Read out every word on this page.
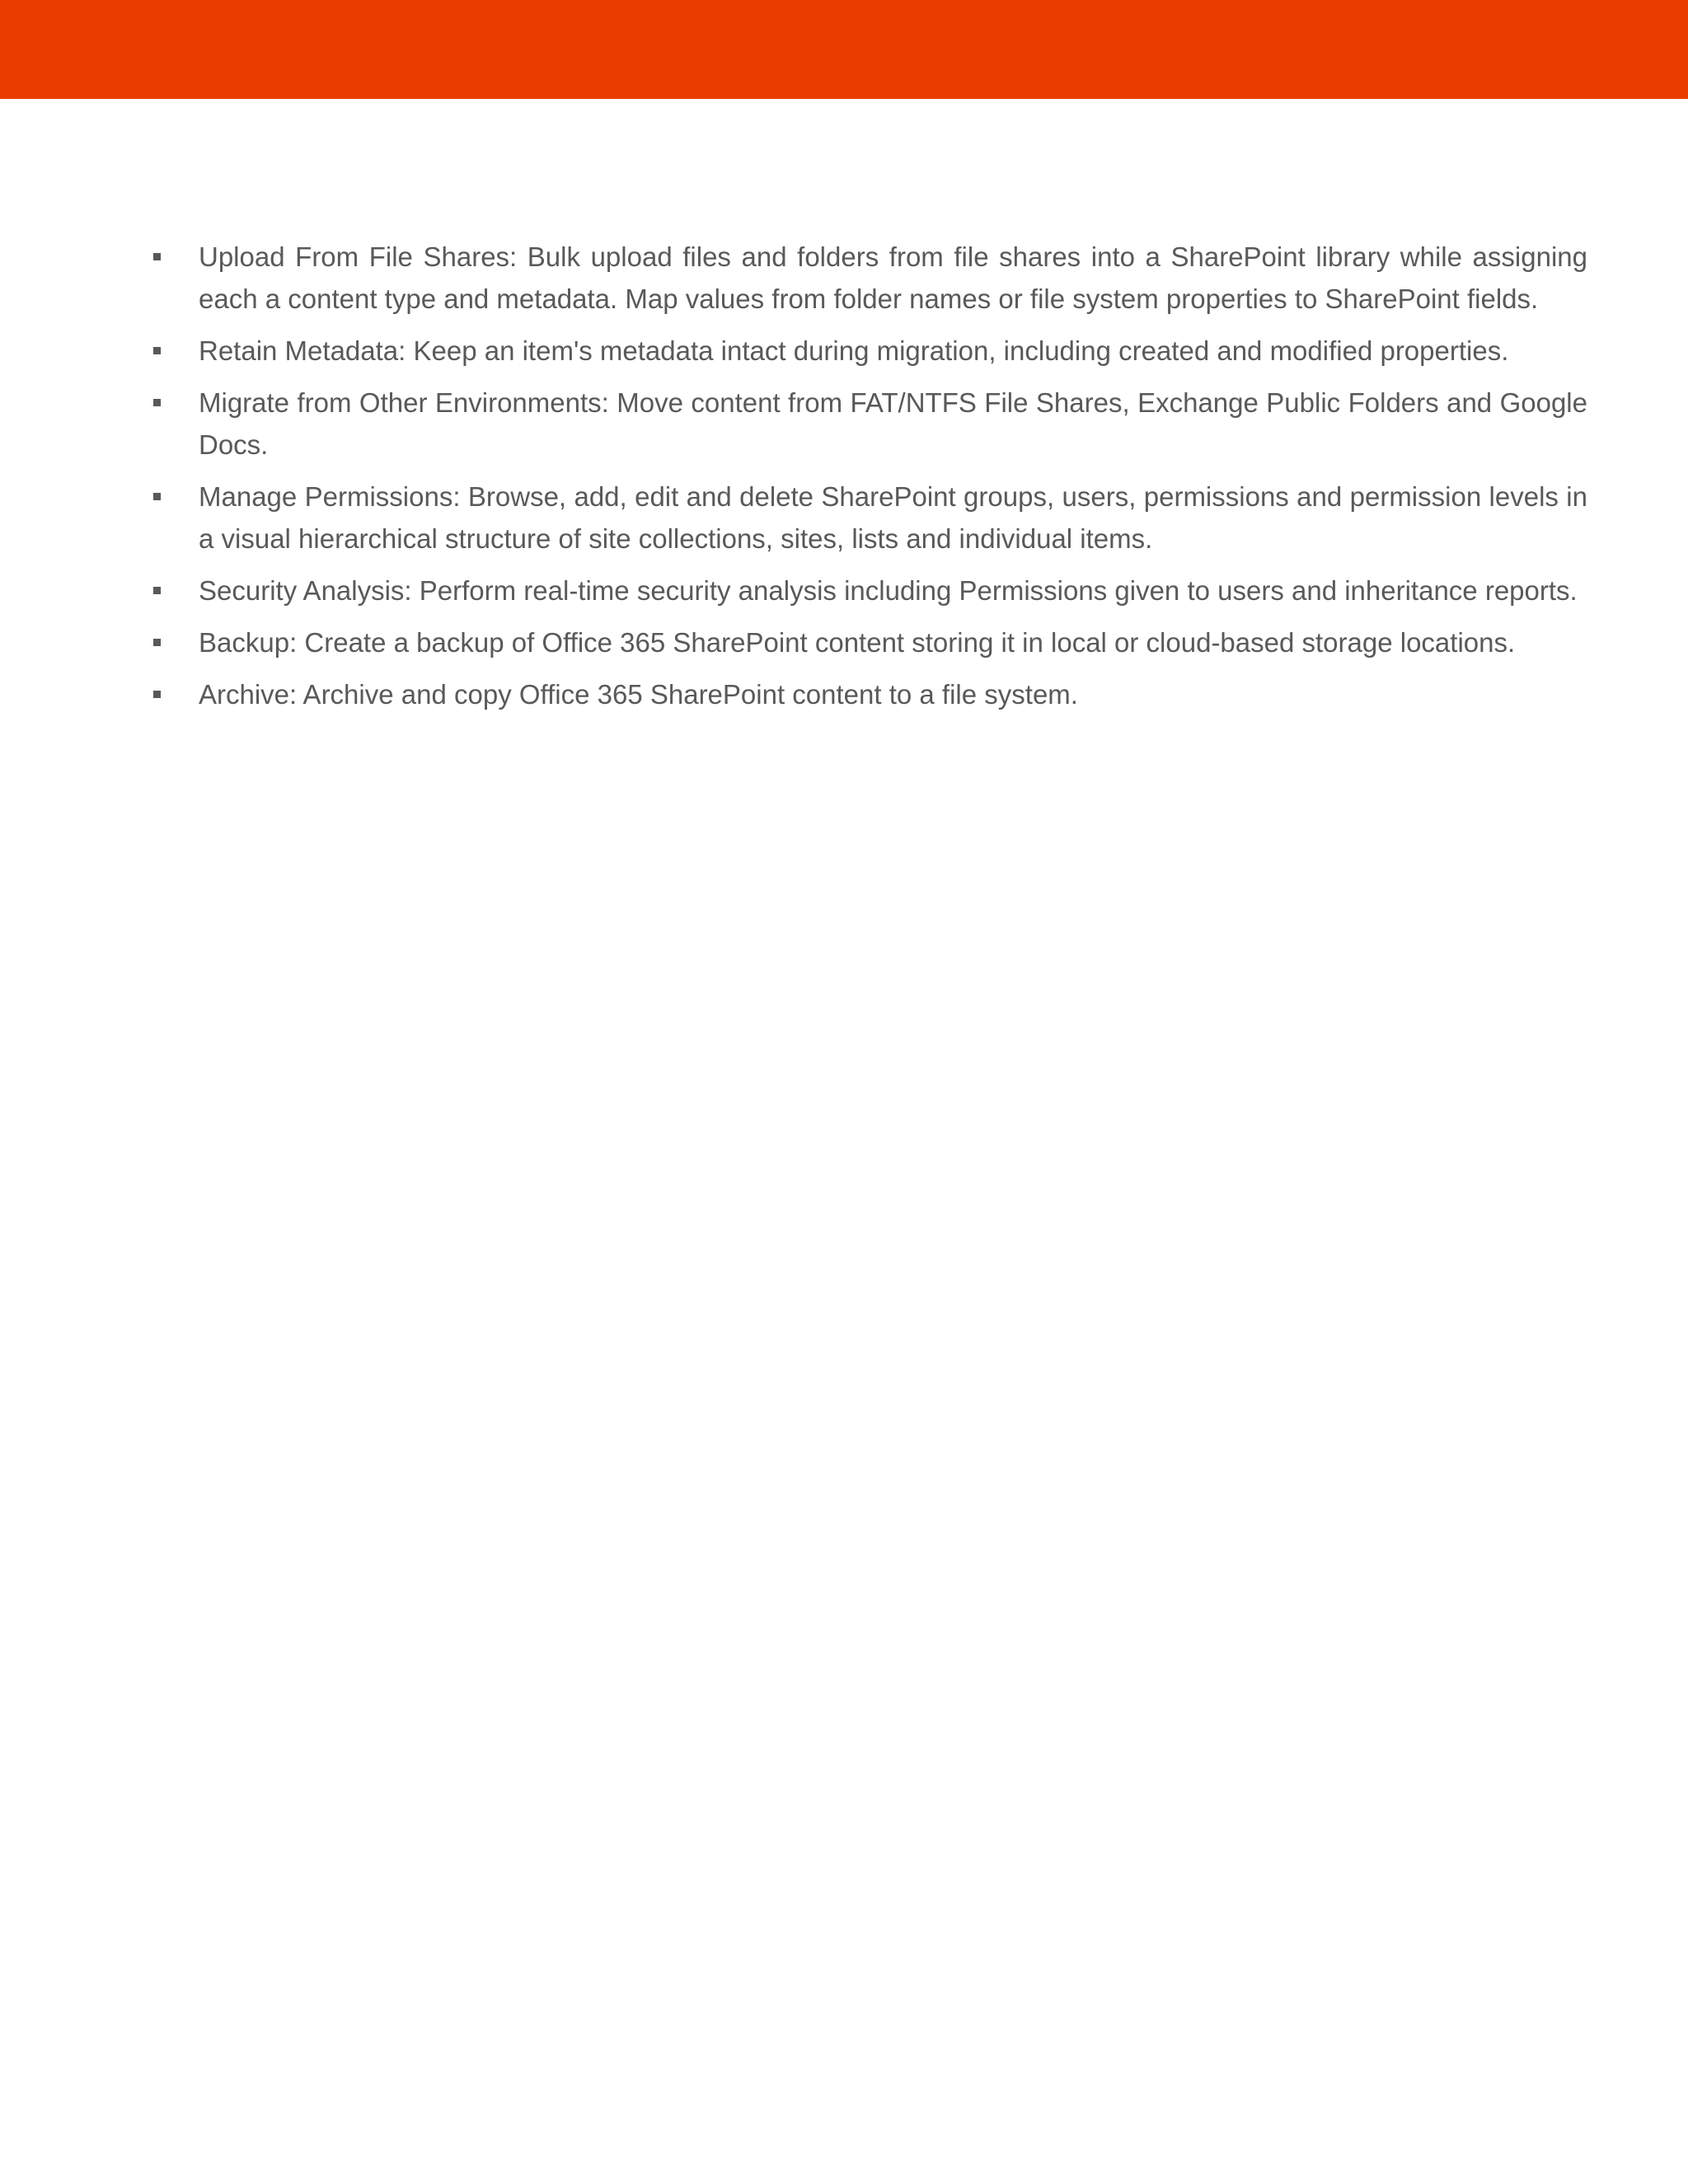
Upload From File Shares: Bulk upload files and folders from file shares into a SharePoint library while assigning each a content type and metadata. Map values from folder names or file system properties to SharePoint fields.
Retain Metadata: Keep an item's metadata intact during migration, including created and modified properties.
Migrate from Other Environments: Move content from FAT/NTFS File Shares, Exchange Public Folders and Google Docs.
Manage Permissions: Browse, add, edit and delete SharePoint groups, users, permissions and permission levels in a visual hierarchical structure of site collections, sites, lists and individual items.
Security Analysis: Perform real-time security analysis including Permissions given to users and inheritance reports.
Backup: Create a backup of Office 365 SharePoint content storing it in local or cloud-based storage locations.
Archive: Archive and copy Office 365 SharePoint content to a file system.
